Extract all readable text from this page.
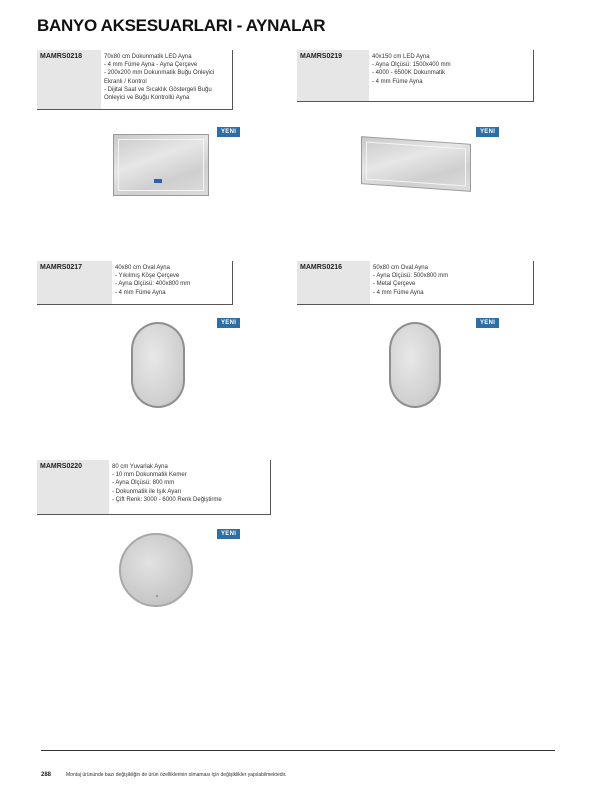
BANYO AKSESUARLARI - AYNALAR
MAMRS0218	70x80 cm Dokunmatik LED Ayna
- 4 mm Füme Ayna - Ayna Çerçeve
- 200x200 mm Dokunmatik Buğu Önleyici
Ekranlı / Kontrol
- Dijital Saat ve Sıcaklık Göstergeli Buğu
Önleyici ve Buğu Kontrollü Ayna
YENI
MAMRS0219	40x150 cm LED Ayna
- Ayna Ölçüsü: 1500x400 mm
- 4000 - 6500K Dokunmatik
- 4 mm Füme Ayna
YENI
MAMRS0217	40x80 cm Oval Ayna
- Yıkılmış Köşe Çerçeve
- Ayna Ölçüsü: 400x800 mm
- 4 mm Füme Ayna
YENI
MAMRS0216	50x80 cm Oval Ayna
- Ayna Ölçüsü: 500x800 mm
- Metal Çerçeve
- 4 mm Füme Ayna
YENI
MAMRS0220	80 cm Yuvarlak Ayna
- 10 mm Dokunmatik Kemer
- Ayna Ölçüsü: 800 mm
- Dokunmatik ile Işık Ayarı
- Çift Renk: 3000 - 6000 Renk Değiştirme
YENI
288	Montaj ürününde bazı değişikliğin de ürün özelliklerinin olmaması için değişiklikler yapılabilmektedir.
